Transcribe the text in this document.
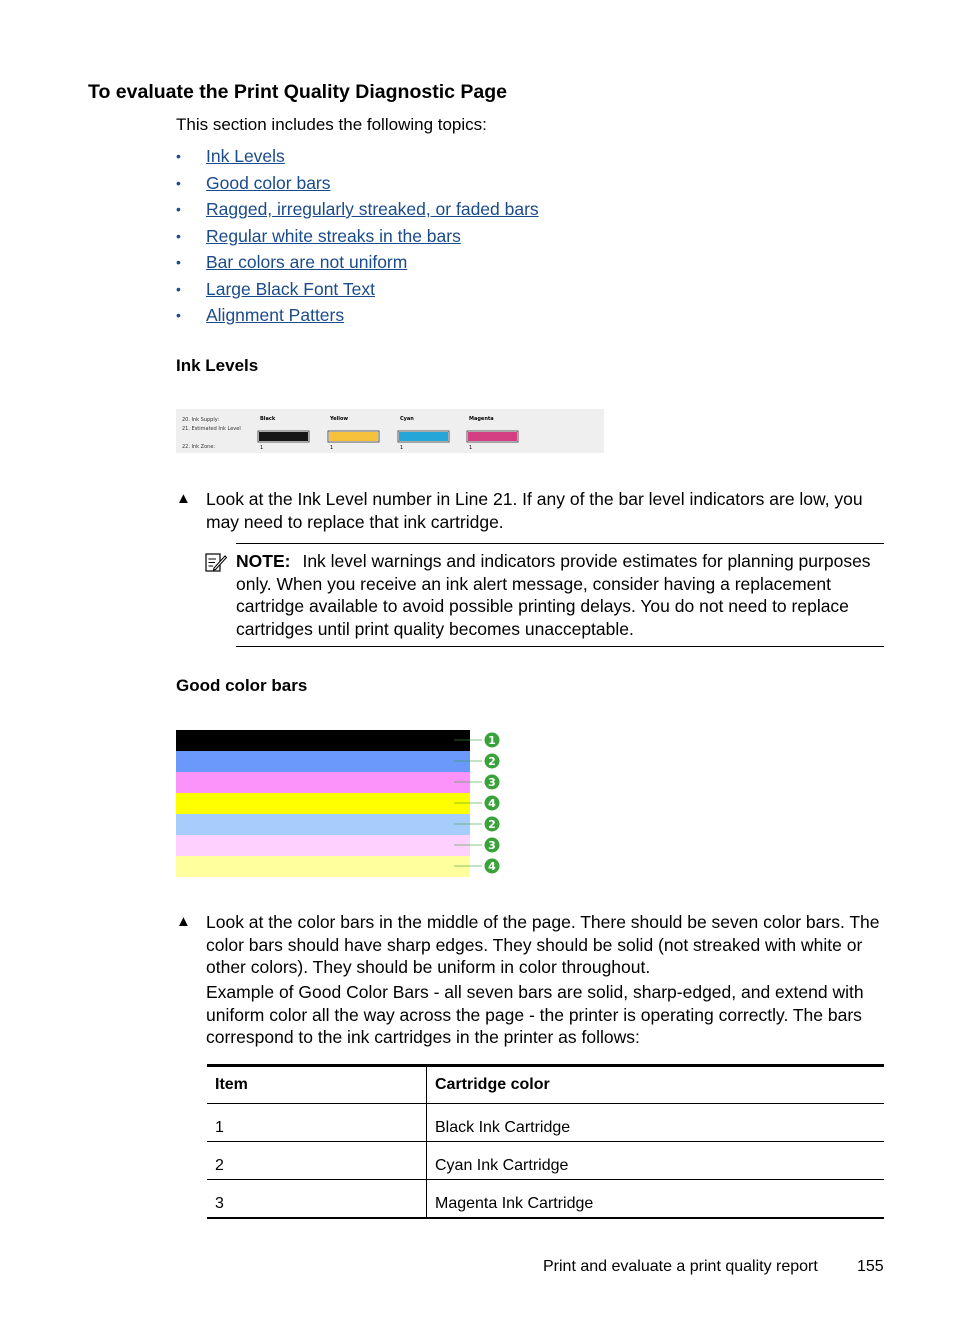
To evaluate the Print Quality Diagnostic Page
This section includes the following topics:
•	Ink Levels
•	Good color bars
•	Ragged, irregularly streaked, or faded bars
•	Regular white streaks in the bars
•	Bar colors are not uniform
•	Large Black Font Text
•	Alignment Patters
Ink Levels
20. Ink Supply:
21. Estimated Ink Level
22. Ink Zone:
Black
1
Yellow
1
Cyan
1
Magenta
1
▲ Look at the Ink Level number in Line 21. If any of the bar level indicators are low, you may need to replace that ink cartridge.
NOTE: Ink level warnings and indicators provide estimates for planning purposes only. When you receive an ink alert message, consider having a replacement cartridge available to avoid possible printing delays. You do not need to replace cartridges until print quality becomes unacceptable.
Good color bars
1
2
3
4
2
3
4
▲ Look at the color bars in the middle of the page. There should be seven color bars. The color bars should have sharp edges. They should be solid (not streaked with white or other colors). They should be uniform in color throughout.
Example of Good Color Bars - all seven bars are solid, sharp-edged, and extend with uniform color all the way across the page - the printer is operating correctly. The bars correspond to the ink cartridges in the printer as follows:
Item	Cartridge color
1	Black Ink Cartridge
2	Cyan Ink Cartridge
3	Magenta Ink Cartridge
Print and evaluate a print quality report 155
